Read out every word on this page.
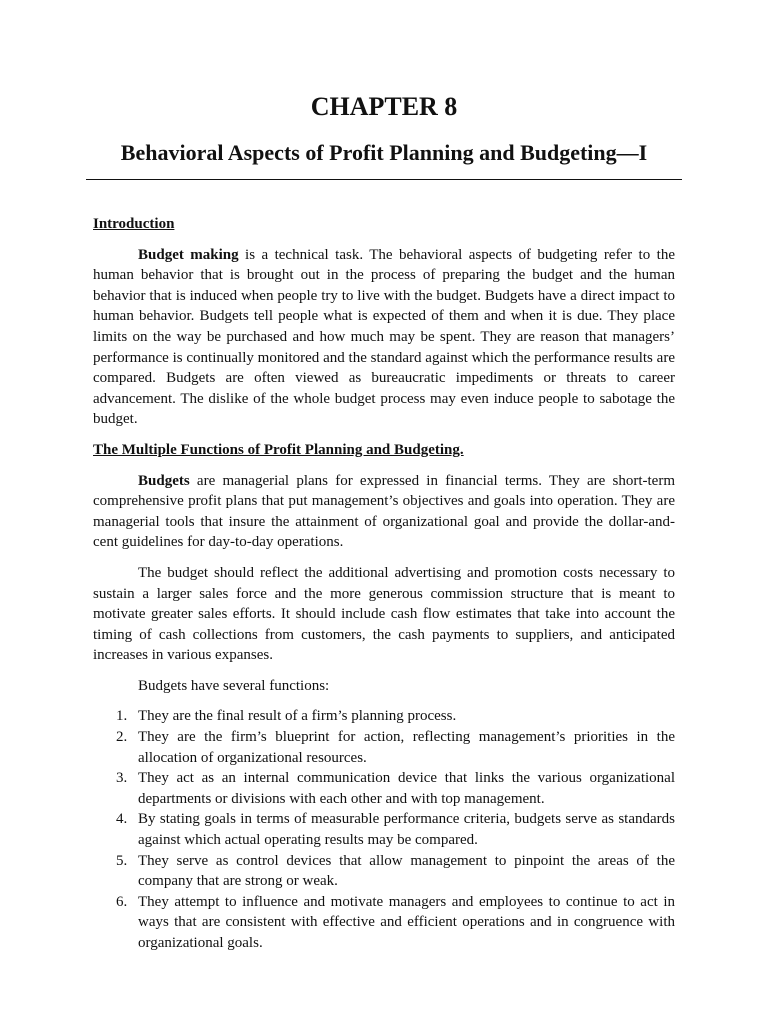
CHAPTER 8
Behavioral Aspects of Profit Planning and Budgeting—I

Introduction

Budget making is a technical task. The behavioral aspects of budgeting refer to the human behavior that is brought out in the process of preparing the budget and the human behavior that is induced when people try to live with the budget. Budgets have a direct impact to human behavior. Budgets tell people what is expected of them and when it is due. They place limits on the way be purchased and how much may be spent. They are reason that managers’ performance is continually monitored and the standard against which the performance results are compared. Budgets are often viewed as bureaucratic impediments or threats to career advancement. The dislike of the whole budget process may even induce people to sabotage the budget.

The Multiple Functions of Profit Planning and Budgeting.

Budgets are managerial plans for expressed in financial terms. They are short-term comprehensive profit plans that put management’s objectives and goals into operation. They are managerial tools that insure the attainment of organizational goal and provide the dollar-and-cent guidelines for day-to-day operations.

The budget should reflect the additional advertising and promotion costs necessary to sustain a larger sales force and the more generous commission structure that is meant to motivate greater sales efforts. It should include cash flow estimates that take into account the timing of cash collections from customers, the cash payments to suppliers, and anticipated increases in various expanses.

Budgets have several functions:

1. They are the final result of a firm’s planning process.
2. They are the firm’s blueprint for action, reflecting management’s priorities in the allocation of organizational resources.
3. They act as an internal communication device that links the various organizational departments or divisions with each other and with top management.
4. By stating goals in terms of measurable performance criteria, budgets serve as standards against which actual operating results may be compared.
5. They serve as control devices that allow management to pinpoint the areas of the company that are strong or weak.
6. They attempt to influence and motivate managers and employees to continue to act in ways that are consistent with effective and efficient operations and in congruence with organizational goals.
